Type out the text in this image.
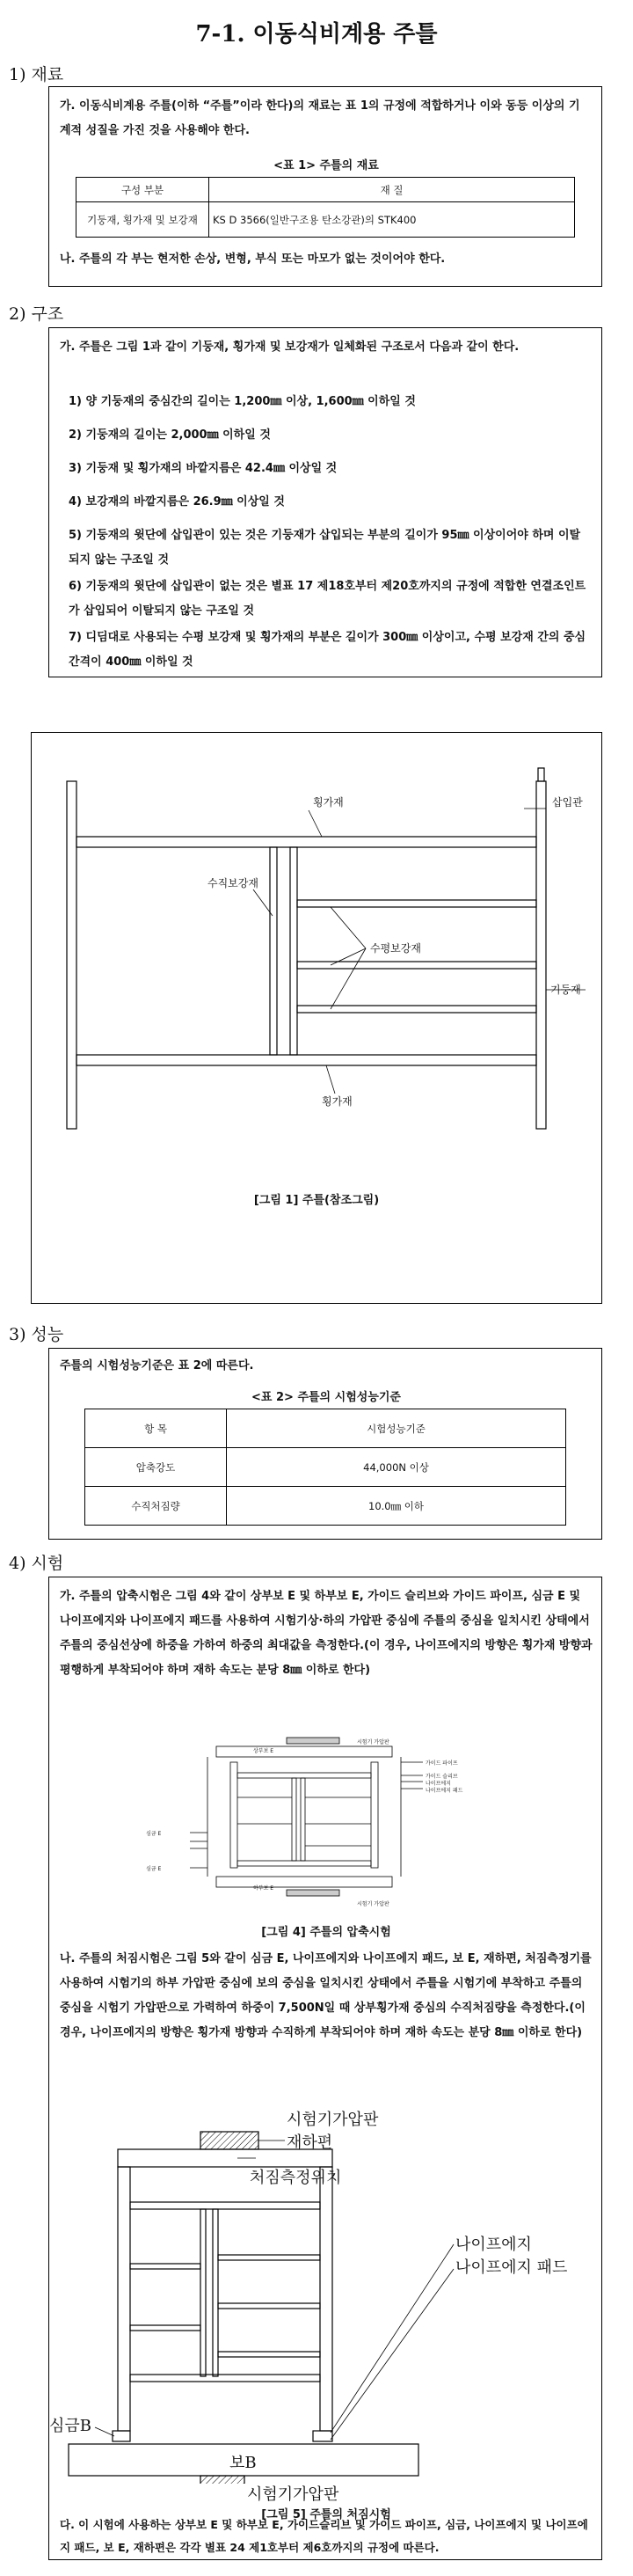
7-1. 이동식비계용 주틀
1) 재료
가. 이동식비계용 주틀(이하 “주틀”이라 한다)의 재료는 표 1의 규정에 적합하거나 이와 동등 이상의 기계적 성질을 가진 것을 사용해야 한다.
<표 1> 주틀의 재료
구성 부분	재 질
기둥재, 횡가재 및 보강재	KS D 3566(일반구조용 탄소강관)의 STK400
나. 주틀의 각 부는 현저한 손상, 변형, 부식 또는 마모가 없는 것이어야 한다.
2) 구조
가. 주틀은 그림 1과 같이 기둥재, 횡가재 및 보강재가 일체화된 구조로서 다음과 같이 한다.
1) 양 기둥재의 중심간의 길이는 1,200㎜ 이상, 1,600㎜ 이하일 것
2) 기둥재의 길이는 2,000㎜ 이하일 것
3) 기둥재 및 횡가재의 바깥지름은 42.4㎜ 이상일 것
4) 보강재의 바깥지름은 26.9㎜ 이상일 것
5) 기둥재의 윗단에 삽입관이 있는 것은 기둥재가 삽입되는 부분의 길이가 95㎜ 이상이어야 하며 이탈되지 않는 구조일 것
6) 기둥재의 윗단에 삽입관이 없는 것은 별표 17 제18호부터 제20호까지의 규정에 적합한 연결조인트가 삽입되어 이탈되지 않는 구조일 것
7) 디딤대로 사용되는 수평 보강재 및 횡가재의 부분은 길이가 300㎜ 이상이고, 수평 보강재 간의 중심간격이 400㎜ 이하일 것
횡가재	삽입관
수직보강재
수평보강재
기둥재
횡가재
[그림 1] 주틀(참조그림)
3) 성능
주틀의 시험성능기준은 표 2에 따른다.
<표 2> 주틀의 시험성능기준
항 목	시험성능기준
압축강도	44,000N 이상
수직처짐량	10.0㎜ 이하
4) 시험
가. 주틀의 압축시험은 그림 4와 같이 상부보 E 및 하부보 E, 가이드 슬리브와 가이드 파이프, 심금 E 및 나이프에지와 나이프에지 패드를 사용하여 시험기상·하의 가압판 중심에 주틀의 중심을 일치시킨 상태에서 주틀의 중심선상에 하중을 가하여 하중의 최대값을 측정한다.(이 경우, 나이프에지의 방향은 횡가재 방향과 평행하게 부착되어야 하며 재하 속도는 분당 8㎜ 이하로 한다)
시험기 가압판
상부보 E
가이드 파이프
가이드 슬리브
나이프에지
나이프에지 패드
심금 E
하부보 E
시험기 가압판
심금 E
[그림 4] 주틀의 압축시험
나. 주틀의 처짐시험은 그림 5와 같이 심금 E, 나이프에지와 나이프에지 패드, 보 E, 재하편, 처짐측정기를 사용하여 시험기의 하부 가압판 중심에 보의 중심을 일치시킨 상태에서 주틀을 시험기에 부착하고 주틀의 중심을 시험기 가압판으로 가력하여 하중이 7,500N일 때 상부횡가재 중심의 수직처짐량을 측정한다.(이 경우, 나이프에지의 방향은 횡가재 방향과 수직하게 부착되어야 하며 재하 속도는 분당 8㎜ 이하로 한다)
시험기가압판
재하편
처짐측정위치
나이프에지
나이프에지 패드
심금B
보B
시험기가압판
[그림 5] 주틀의 처짐시험
다. 이 시험에 사용하는 상부보 E 및 하부보 E, 가이드슬리브 및 가이드 파이프, 심금, 나이프에지 및 나이프에지 패드, 보 E, 재하편은 각각 별표 24 제1호부터 제6호까지의 규정에 따른다.
